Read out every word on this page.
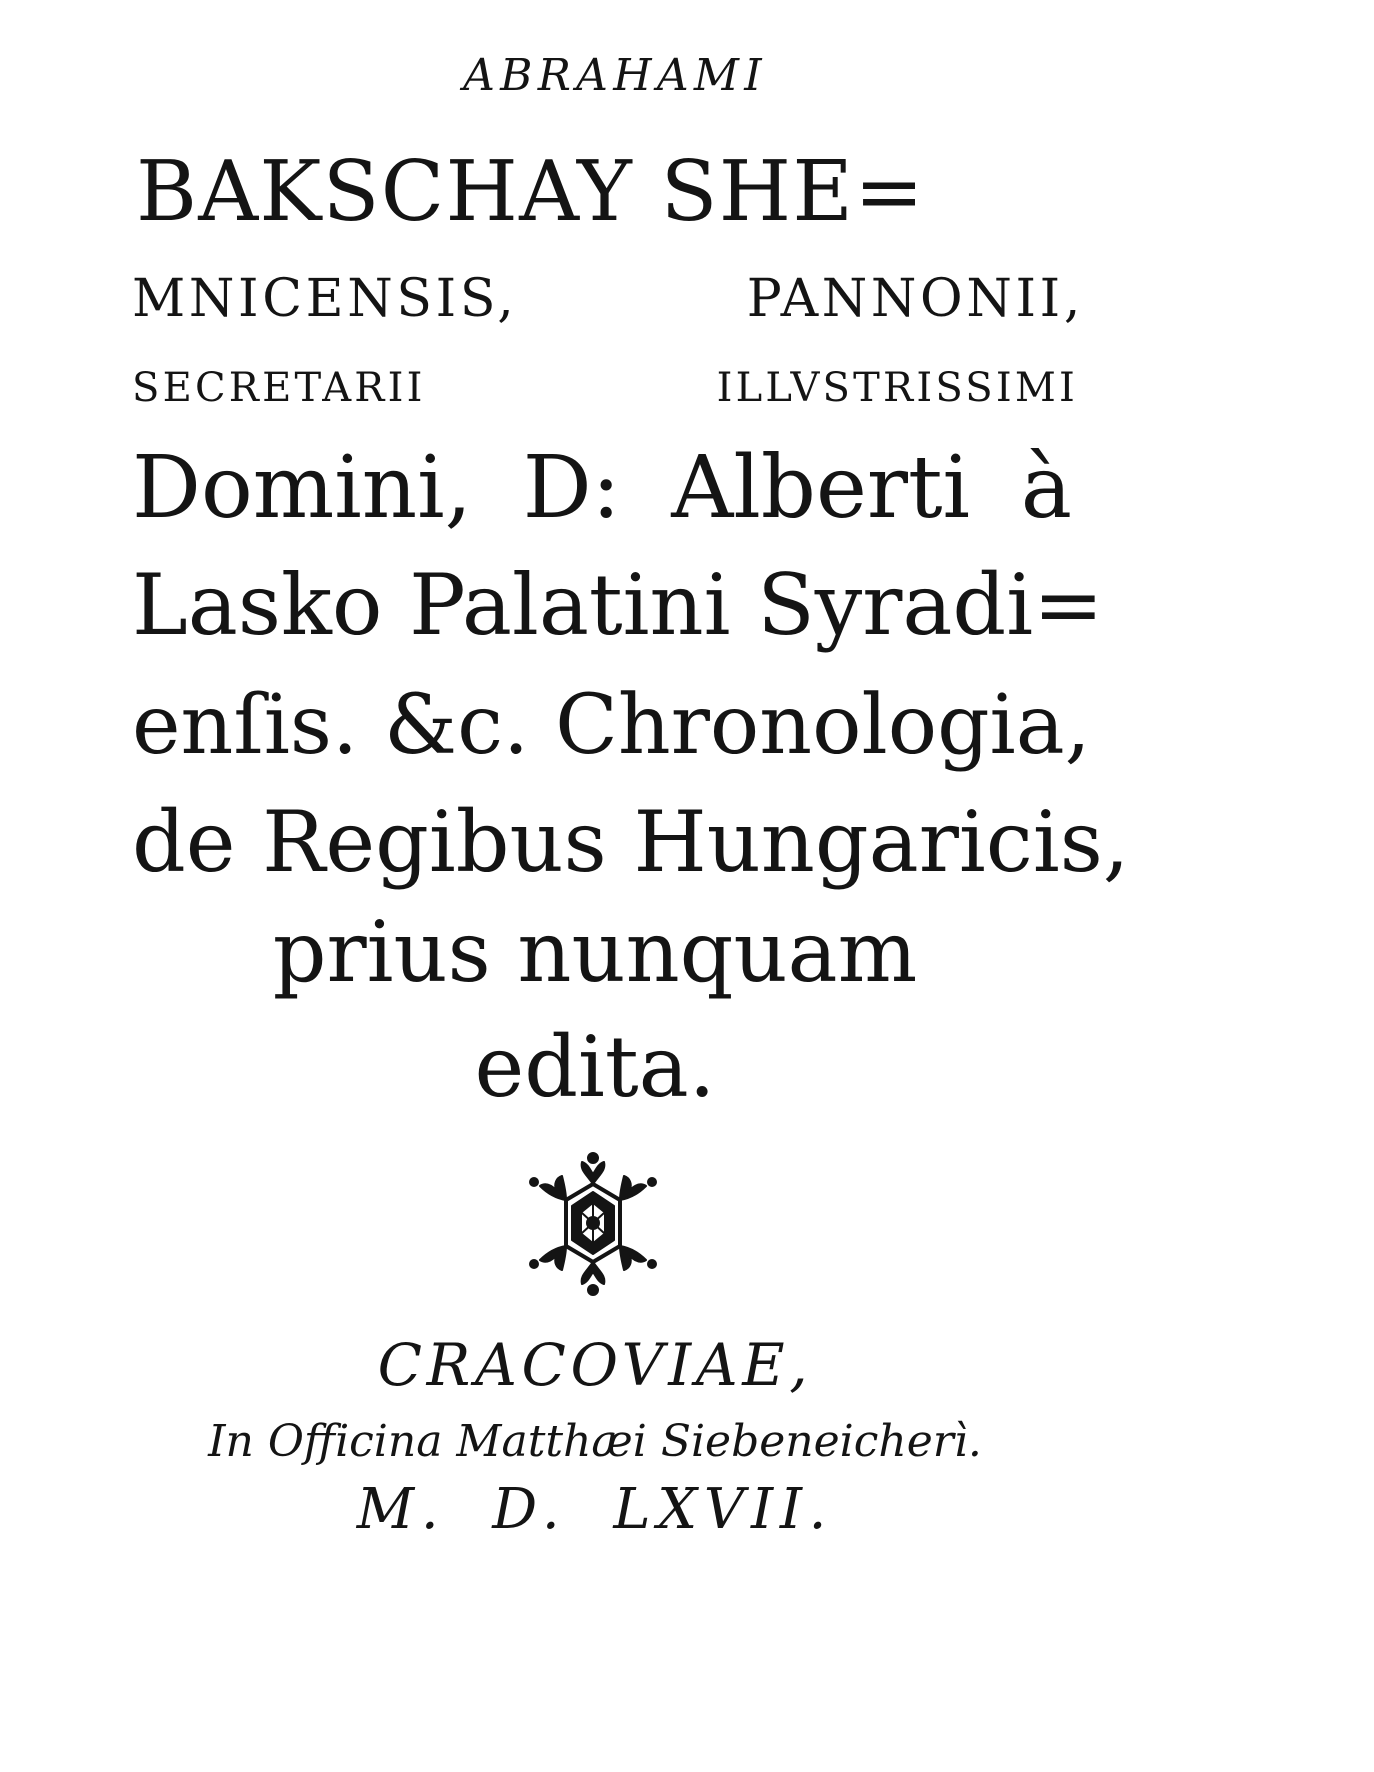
ABRAHAMI
BAKSCHAY SHE=
MNICENSIS, PANNONII,
SECRETARII ILLVSTRISSIMI
Domini, D: Alberti à
Lasko Palatini Syradi=
enſis. &c. Chronologia,
de Regibus Hungaricis,
prius nunquam
edita.
CRACOVIAE,
In Officina Matthæi Siebeneicherì.
M. D. LXVII.
